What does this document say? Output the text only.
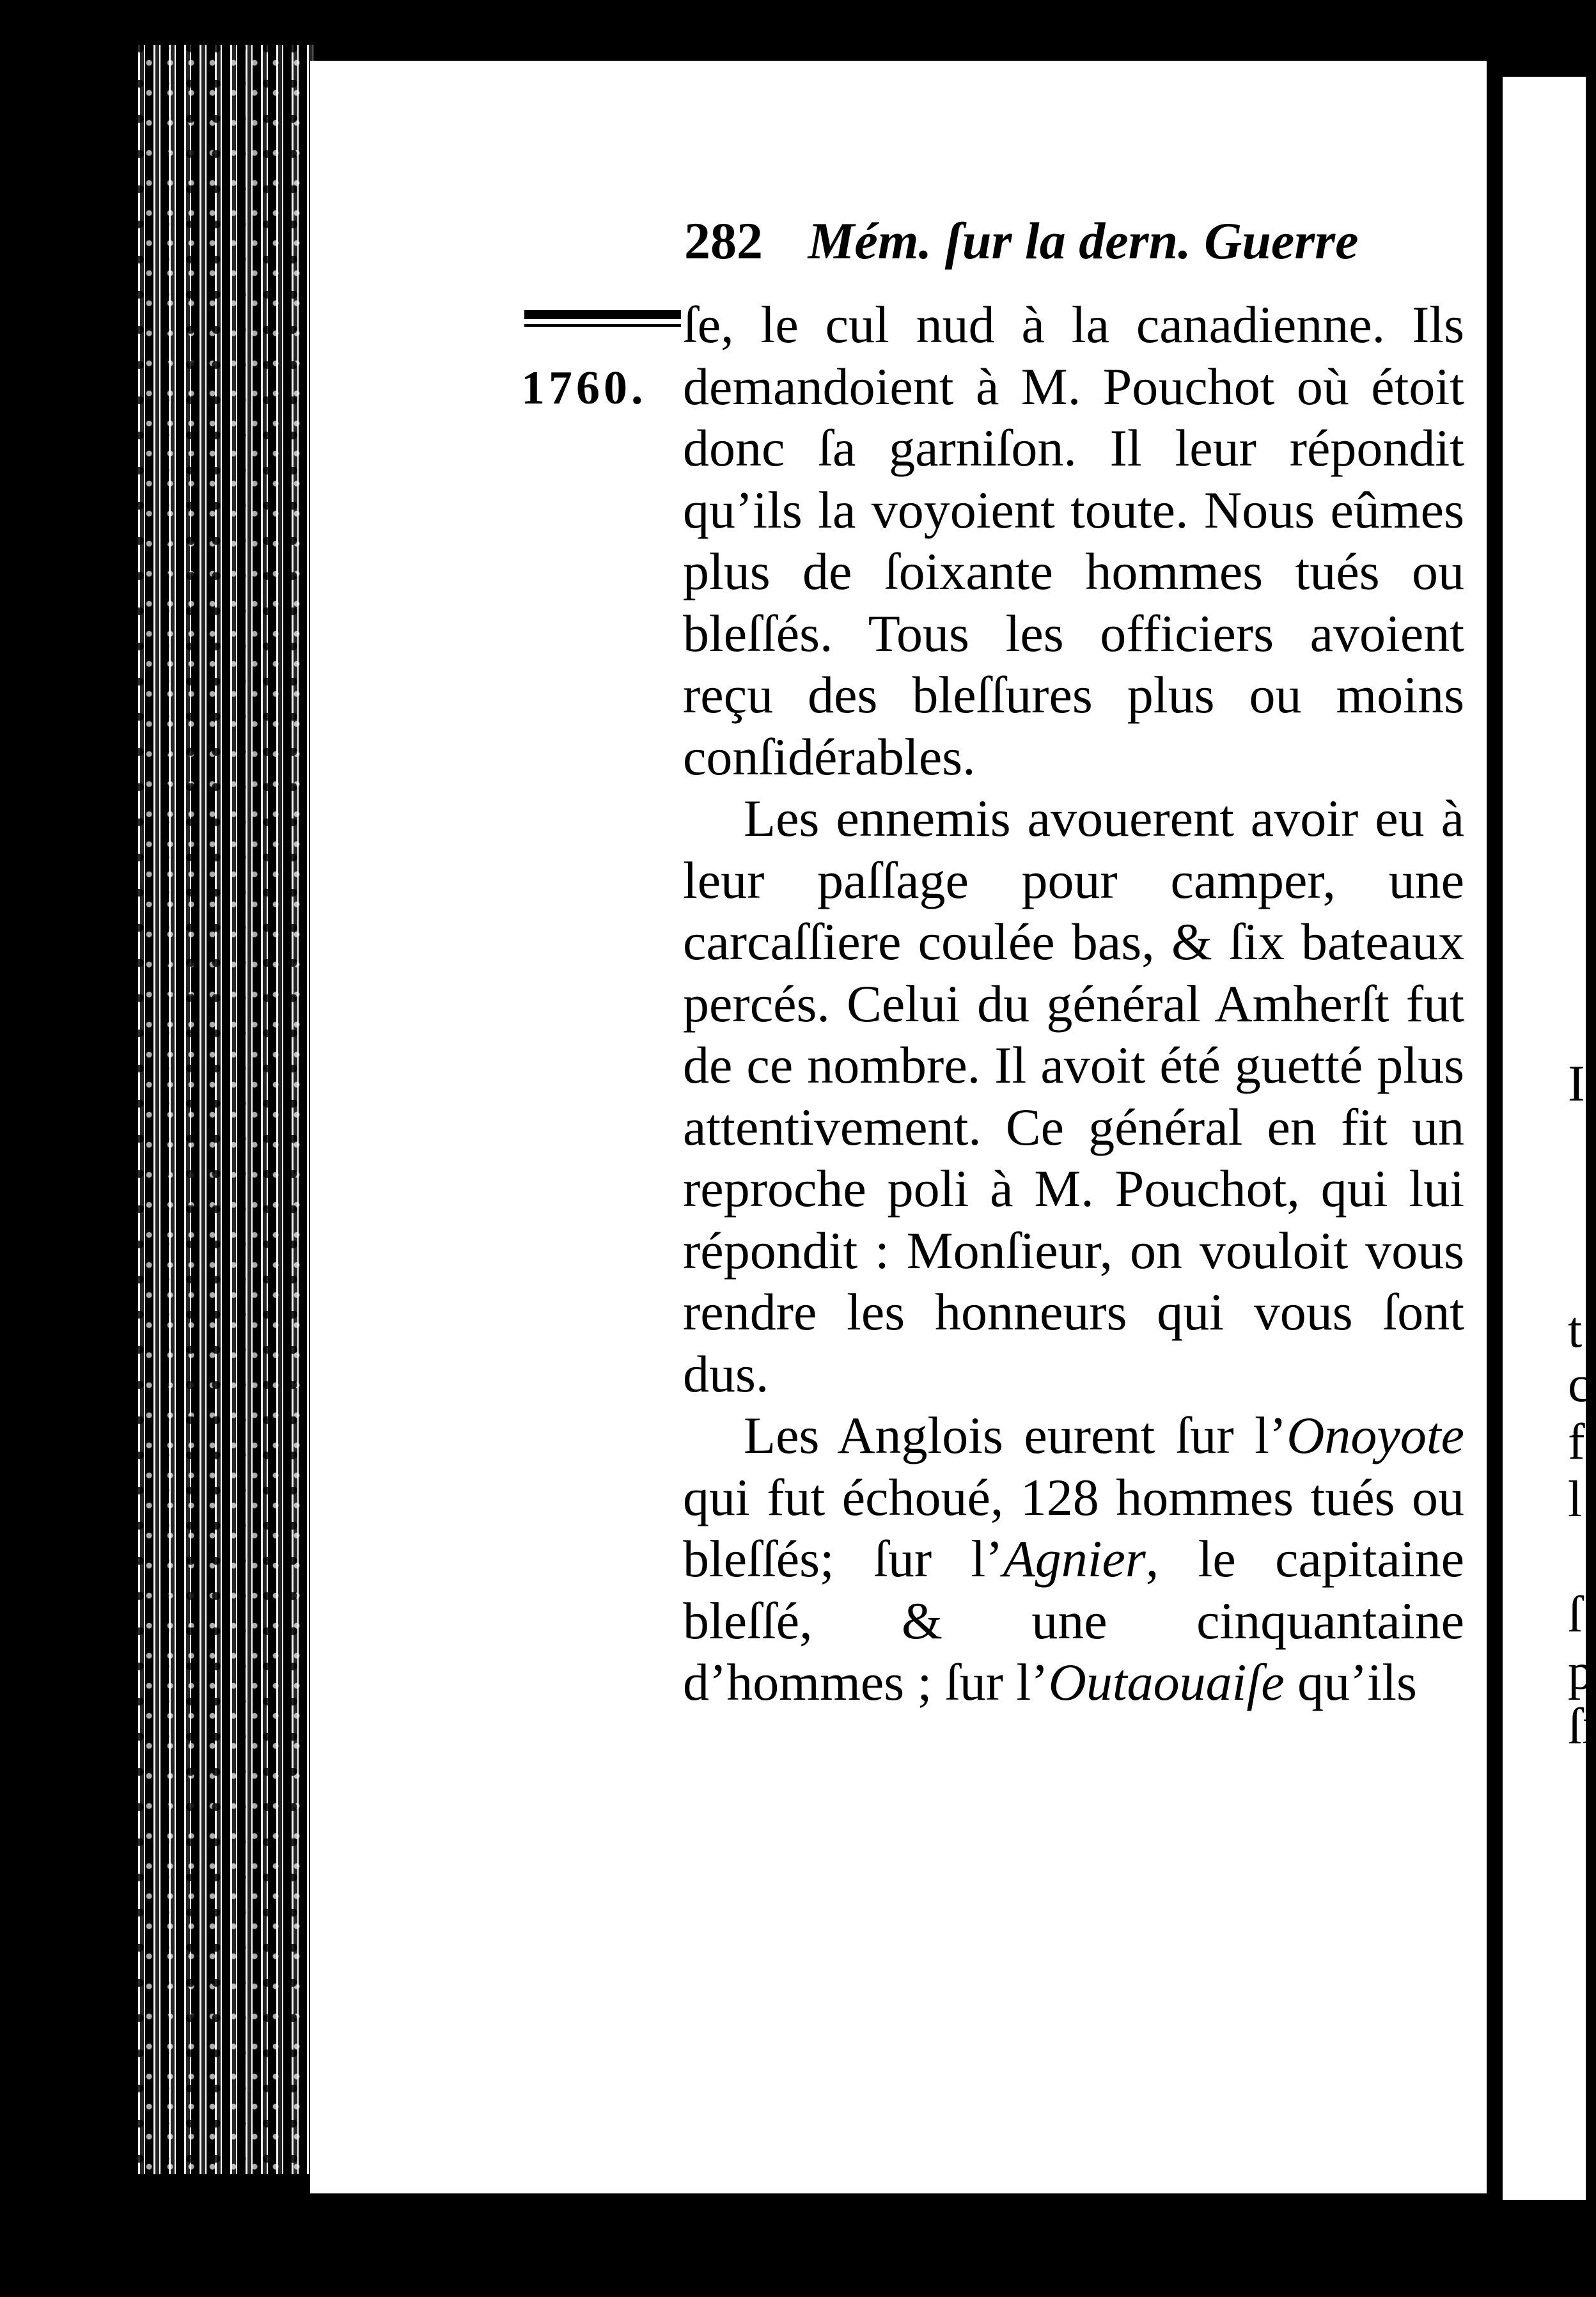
I
t
c
f
l
ſ
p
ſi
282 Mém. ſur la dern. Guerre
1760.

ſe, le cul nud à la canadienne. Ils demandoient à M. Pouchot où étoit donc ſa garniſon. Il leur répondit qu’ils la voyoient toute. Nous eûmes plus de ſoixante hommes tués ou bleſſés. Tous les officiers avoient reçu des bleſſures plus ou moins conſidérables.

Les ennemis avouerent avoir eu à leur paſſage pour camper, une carcaſſiere coulée bas, & ſix bateaux percés. Celui du général Amherſt fut de ce nombre. Il avoit été guetté plus attentivement. Ce général en fit un reproche poli à M. Pouchot, qui lui répondit : Monſieur, on vouloit vous rendre les honneurs qui vous ſont dus.

Les Anglois eurent ſur l’Onoyote qui fut échoué, 128 hommes tués ou bleſſés; ſur l’Agnier, le capitaine bleſſé, & une cinquantaine d’hommes ; ſur l’Outaouaiſe qu’ils
